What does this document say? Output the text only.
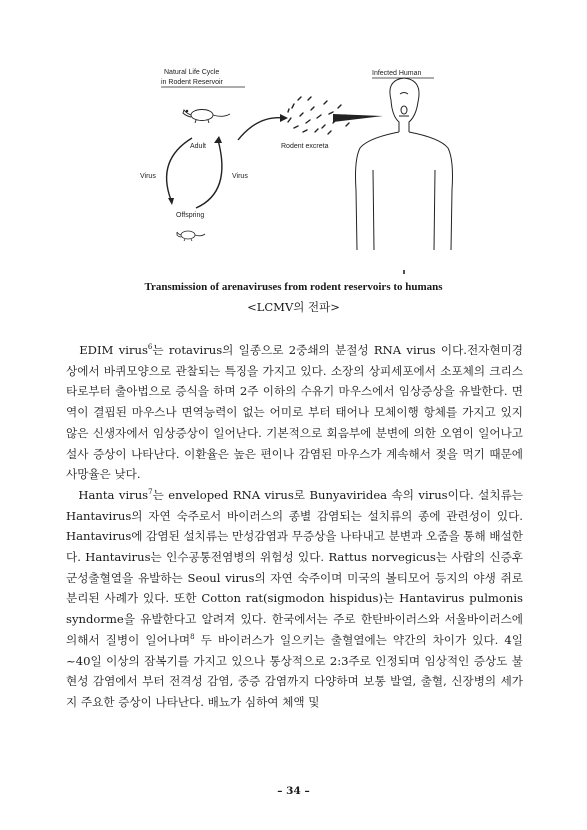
Natural Life Cycle
in Rodent Reservoir
Infected Human
Adult
Virus	Virus
Offspring
Rodent excreta
Transmission of arenaviruses from rodent reservoirs to humans
<LCMV의 전파>

　EDIM virus$^6$는 rotavirus의 일종으로 2중쇄의 분절성 RNA virus 이다.전자현미경 상에서 바퀴모양으로 관찰되는 특징을 가지고 있다. 소장의 상피세포에서 소포체의 크리스타로부터 출아법으로 증식을 하며 2주 이하의 수유기 마우스에서 임상증상을 유발한다. 면역이 결핍된 마우스나 면역능력이 없는 어미로 부터 태어나 모체이행 항체를 가지고 있지 않은 신생자에서 임상증상이 일어난다. 기본적으로 회음부에 분변에 의한 오염이 일어나고 설사 증상이 나타난다. 이환율은 높은 편이나 감염된 마우스가 계속해서 젖을 먹기 때문에 사망율은 낮다.

　Hanta virus$^7$는 enveloped RNA virus로 Bunyaviridea 속의 virus이다. 설치류는 Hantavirus의 자연 숙주로서 바이러스의 종별 감염되는 설치류의 종에 관련성이 있다. Hantavirus에 감염된 설치류는 만성감염과 무증상을 나타내고 분변과 오줌을 통해 배설한다. Hantavirus는 인수공통전염병의 위험성 있다. Rattus norvegicus는 사람의 신증후군성출혈열을 유발하는 Seoul virus의 자연 숙주이며 미국의 볼티모어 등지의 야생 쥐로 분리된 사례가 있다. 또한 Cotton rat(sigmodon hispidus)는 Hantavirus pulmonis syndorme을 유발한다고 알려져 있다. 한국에서는 주로 한탄바이러스와 서울바이러스에 의해서 질병이 일어나며$^8$ 두 바이러스가 일으키는 출혈열에는 약간의 차이가 있다. 4일~40일 이상의 잠복기를 가지고 있으나 통상적으로 2:3주로 인정되며 임상적인 증상도 불현성 감염에서 부터 전격성 감염, 중증 감염까지 다양하며 보통 발열, 출혈, 신장병의 세가지 주요한 증상이 나타난다. 배뇨가 심하여 체액 및

– 34 –
